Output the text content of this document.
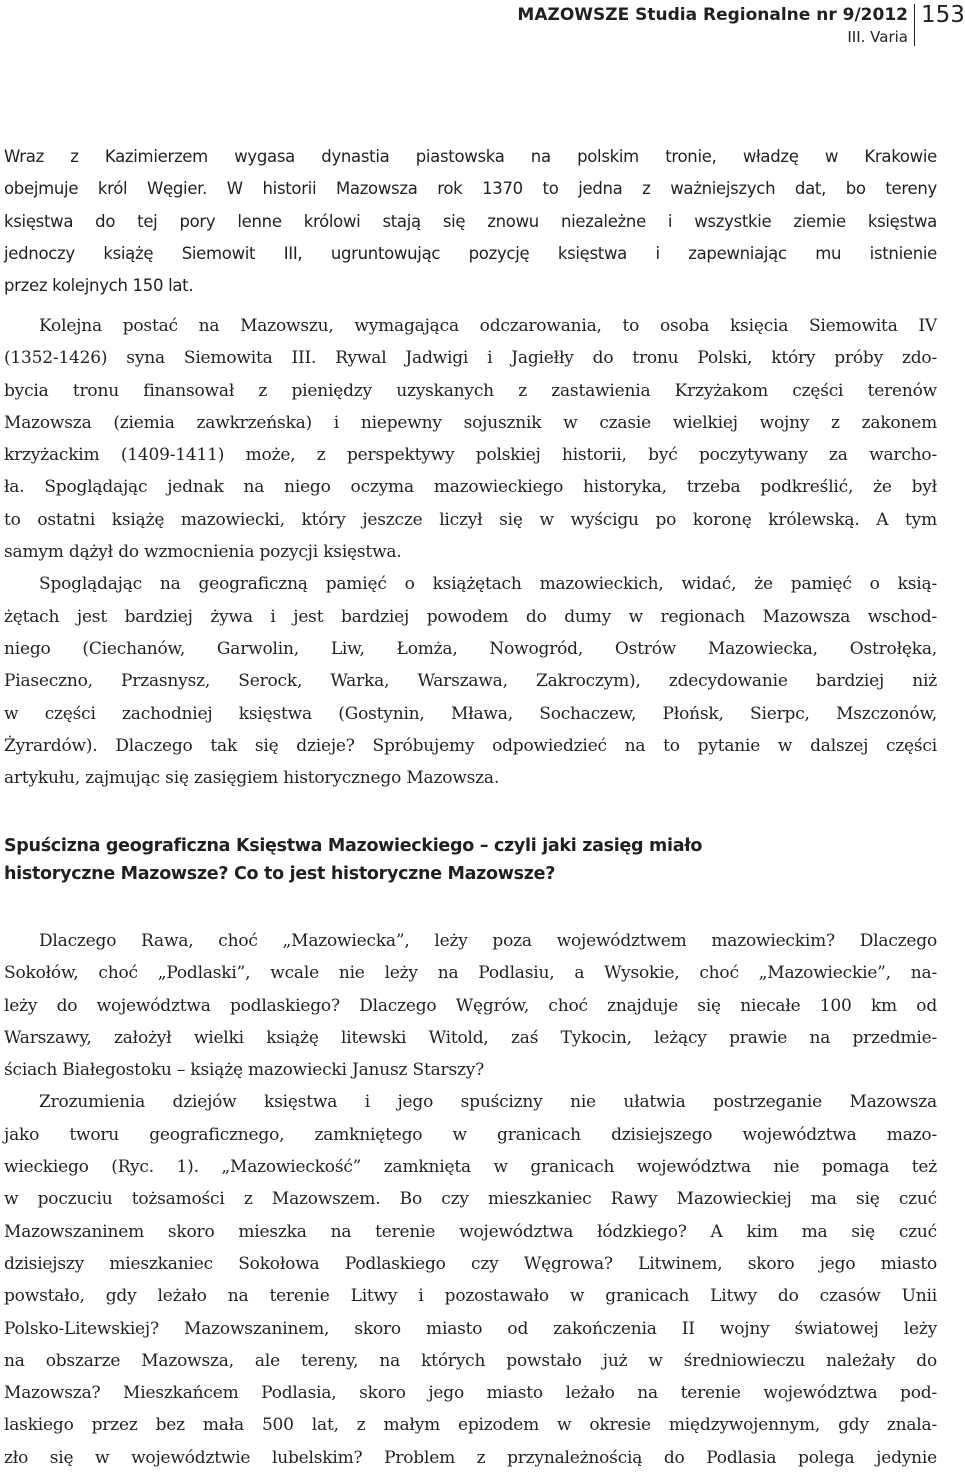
MAZOWSZE Studia Regionalne nr 9/2012
III. Varia
153

Wraz z Kazimierzem wygasa dynastia piastowska na polskim tronie, władzę w Krakowie

obejmuje król Węgier. W historii Mazowsza rok 1370 to jedna z ważniejszych dat, bo tereny

księstwa do tej pory lenne królowi stają się znowu niezależne i wszystkie ziemie księstwa

jednoczy książę Siemowit III, ugruntowując pozycję księstwa i zapewniając mu istnienie

przez kolejnych 150 lat.

Kolejna postać na Mazowszu, wymagająca odczarowania, to osoba księcia Siemowita IV

(1352-1426) syna Siemowita III. Rywal Jadwigi i Jagiełły do tronu Polski, który próby zdo-

bycia tronu finansował z pieniędzy uzyskanych z zastawienia Krzyżakom części terenów

Mazowsza (ziemia zawkrzeńska) i niepewny sojusznik w czasie wielkiej wojny z zakonem

krzyżackim (1409-1411) może, z perspektywy polskiej historii, być poczytywany za warcho-

ła. Spoglądając jednak na niego oczyma mazowieckiego historyka, trzeba podkreślić, że był

to ostatni książę mazowiecki, który jeszcze liczył się w wyścigu po koronę królewską. A tym

samym dążył do wzmocnienia pozycji księstwa.

Spoglądając na geograficzną pamięć o książętach mazowieckich, widać, że pamięć o ksią-

żętach jest bardziej żywa i jest bardziej powodem do dumy w regionach Mazowsza wschod-

niego (Ciechanów, Garwolin, Liw, Łomża, Nowogród, Ostrów Mazowiecka, Ostrołęka,

Piaseczno, Przasnysz, Serock, Warka, Warszawa, Zakroczym), zdecydowanie bardziej niż

w części zachodniej księstwa (Gostynin, Mława, Sochaczew, Płońsk, Sierpc, Mszczonów,

Żyrardów). Dlaczego tak się dzieje? Spróbujemy odpowiedzieć na to pytanie w dalszej części

artykułu, zajmując się zasięgiem historycznego Mazowsza.

Spuścizna geograficzna Księstwa Mazowieckiego – czyli jaki zasięg miało
historyczne Mazowsze? Co to jest historyczne Mazowsze?

Dlaczego Rawa, choć „Mazowiecka”, leży poza województwem mazowieckim? Dlaczego

Sokołów, choć „Podlaski”, wcale nie leży na Podlasiu, a Wysokie, choć „Mazowieckie”, na-

leży do województwa podlaskiego? Dlaczego Węgrów, choć znajduje się niecałe 100 km od

Warszawy, założył wielki książę litewski Witold, zaś Tykocin, leżący prawie na przedmie-

ściach Białegostoku – książę mazowiecki Janusz Starszy?

Zrozumienia dziejów księstwa i jego spuścizny nie ułatwia postrzeganie Mazowsza

jako tworu geograficznego, zamkniętego w granicach dzisiejszego województwa mazo-

wieckiego (Ryc. 1). „Mazowieckość” zamknięta w granicach województwa nie pomaga też

w poczuciu tożsamości z Mazowszem. Bo czy mieszkaniec Rawy Mazowieckiej ma się czuć

Mazowszaninem skoro mieszka na terenie województwa łódzkiego? A kim ma się czuć

dzisiejszy mieszkaniec Sokołowa Podlaskiego czy Węgrowa? Litwinem, skoro jego miasto

powstało, gdy leżało na terenie Litwy i pozostawało w granicach Litwy do czasów Unii

Polsko-Litewskiej? Mazowszaninem, skoro miasto od zakończenia II wojny światowej leży

na obszarze Mazowsza, ale tereny, na których powstało już w średniowieczu należały do

Mazowsza? Mieszkańcem Podlasia, skoro jego miasto leżało na terenie województwa pod-

laskiego przez bez mała 500 lat, z małym epizodem w okresie międzywojennym, gdy znala-

zło się w województwie lubelskim? Problem z przynależnością do Podlasia polega jedynie
